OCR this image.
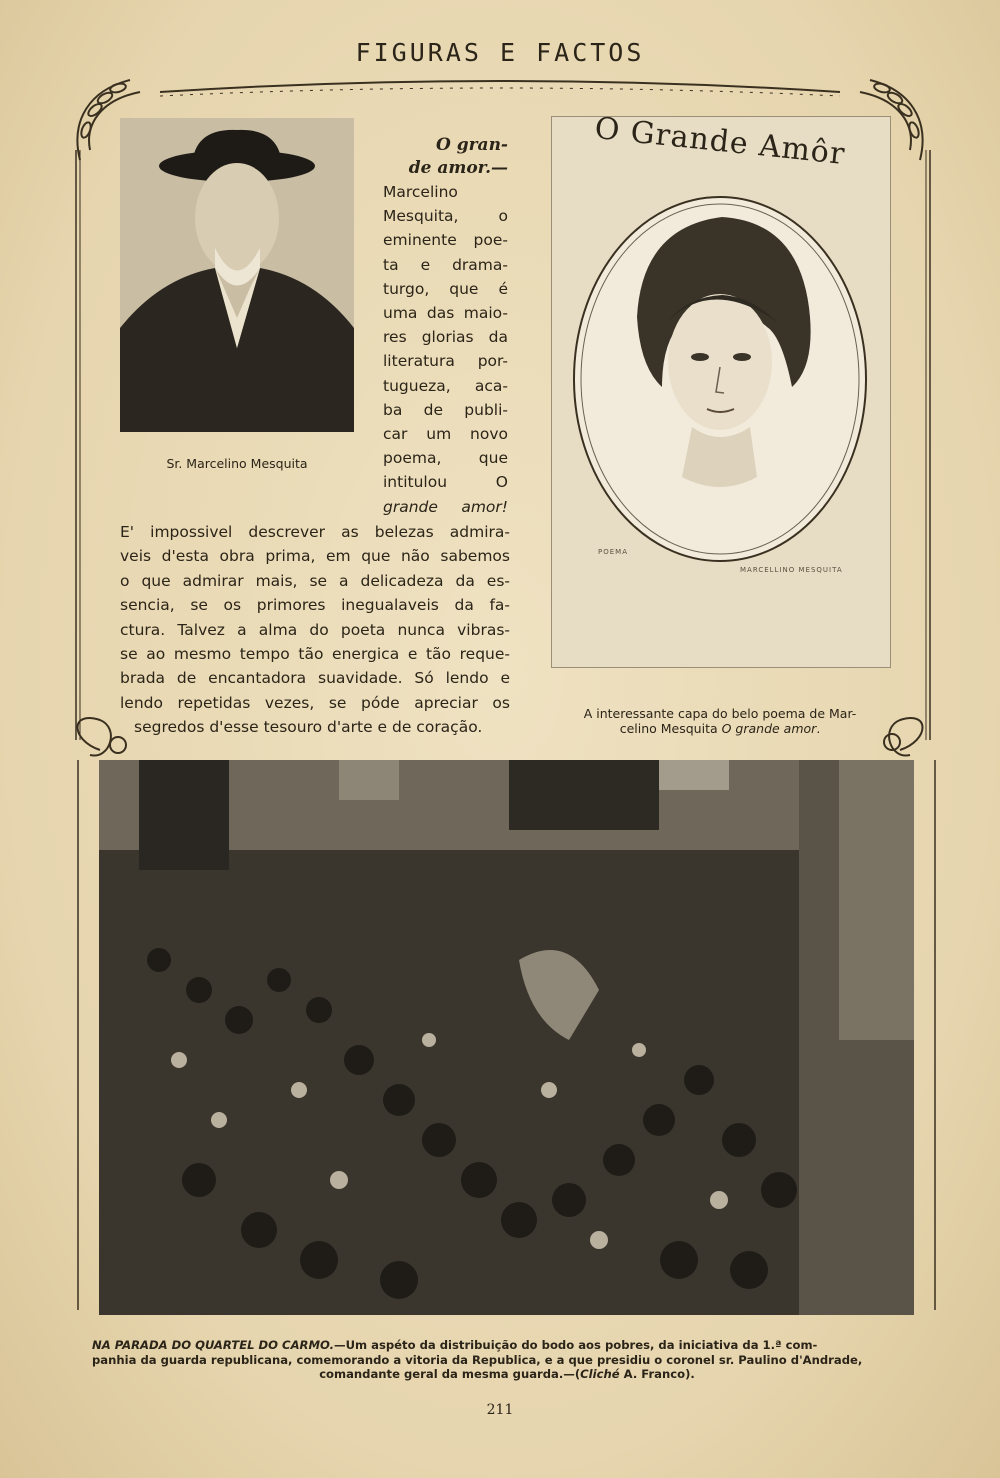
FIGURAS E FACTOS
Sr. Marcelino Mesquita
O gran-
de amor.—
Marcelino
Mesquita, o
eminente poe-
ta e drama-
turgo, que é
uma das maio-
res glorias da
literatura por-
tugueza, aca-
ba de publi-
car um novo
poema, que
intitulou O
grande amor!
E' impossivel descrever as belezas admira-
veis d'esta obra prima, em que não sabemos
o que admirar mais, se a delicadeza da es-
sencia, se os primores inegualaveis da fa-
ctura. Talvez a alma do poeta nunca vibras-
se ao mesmo tempo tão energica e tão reque-
brada de encantadora suavidade. Só lendo e
lendo repetidas vezes, se póde apreciar os
segredos d'esse tesouro d'arte e de coração.
O Grande Amôr
POEMA
MARCELLINO MESQUITA
A interessante capa do belo poema de Mar-
celino Mesquita O grande amor.
NA PARADA DO QUARTEL DO CARMO.—Um aspéto da distribuição do bodo aos pobres, da iniciativa da 1.ª com-
panhia da guarda republicana, comemorando a vitoria da Republica, e a que presidiu o coronel sr. Paulino d'Andrade,
comandante geral da mesma guarda.—(Cliché A. Franco).
211
